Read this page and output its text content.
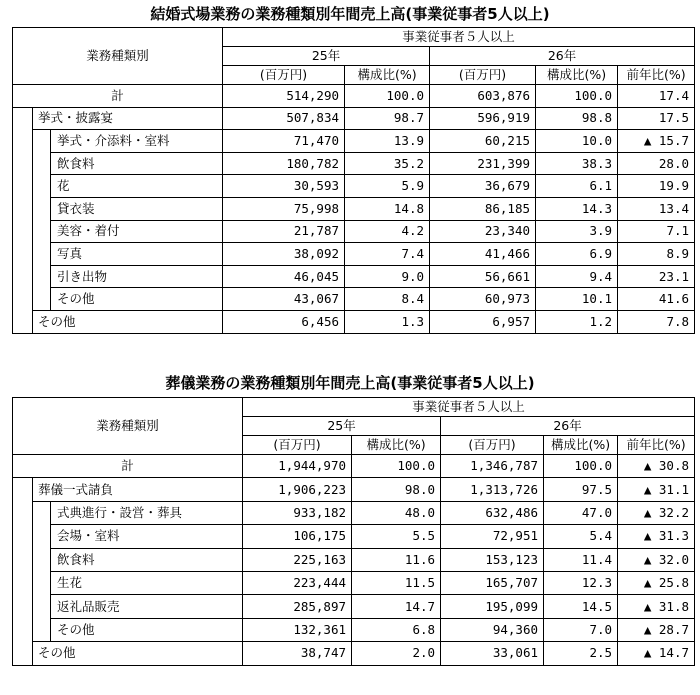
結婚式場業務の業務種類別年間売上高(事業従事者5人以上)
業務種類別			事業従事者５人以上				
			25年		26年		
			(百万円)	構成比(%)	(百万円)	構成比(%)	前年比(%)
計			514,290	100.0	603,876	100.0	17.4
	挙式・披露宴		507,834	98.7	596,919	98.8	17.5
		挙式・介添料・室料	71,470	13.9	60,215	10.0	▲ 15.7
		飲食料	180,782	35.2	231,399	38.3	28.0
		花	30,593	5.9	36,679	6.1	19.9
		貸衣装	75,998	14.8	86,185	14.3	13.4
		美容・着付	21,787	4.2	23,340	3.9	7.1
		写真	38,092	7.4	41,466	6.9	8.9
		引き出物	46,045	9.0	56,661	9.4	23.1
		その他	43,067	8.4	60,973	10.1	41.6
	その他		6,456	1.3	6,957	1.2	7.8
葬儀業務の業務種類別年間売上高(事業従事者5人以上)
業務種類別			事業従事者５人以上				
			25年		26年		
			(百万円)	構成比(%)	(百万円)	構成比(%)	前年比(%)
計			1,944,970	100.0	1,346,787	100.0	▲ 30.8
	葬儀一式請負		1,906,223	98.0	1,313,726	97.5	▲ 31.1
		式典進行・設営・葬具	933,182	48.0	632,486	47.0	▲ 32.2
		会場・室料	106,175	5.5	72,951	5.4	▲ 31.3
		飲食料	225,163	11.6	153,123	11.4	▲ 32.0
		生花	223,444	11.5	165,707	12.3	▲ 25.8
		返礼品販売	285,897	14.7	195,099	14.5	▲ 31.8
		その他	132,361	6.8	94,360	7.0	▲ 28.7
	その他		38,747	2.0	33,061	2.5	▲ 14.7
